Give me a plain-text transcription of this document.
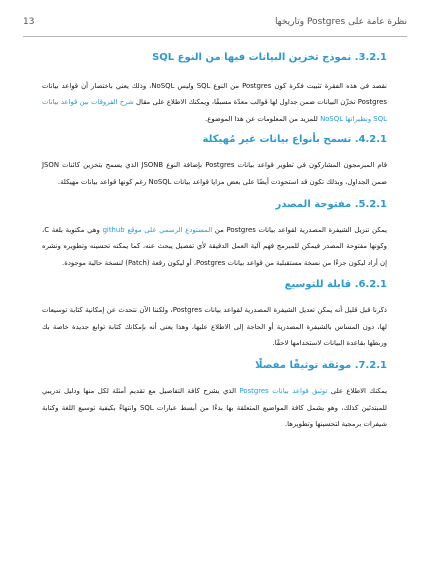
نظرة عامة على Postgres وتاريخها
13
3.2.1. نموذج تخزين البيانات فيها من النوع SQL

نقصد في هذه الفقرة تثبيت فكرة كون Postgres من النوع SQL وليس NoSQL، وذلك يعني باختصار أن قواعد بيانات Postgres تخزّن البيانات ضمن جداول لها قوالب معدّة مسبقًا، ويمكنك الاطلاع على مقال شرح الفروقات بين قواعد بيانات SQL ونظيراتها NoSQL للمزيد من المعلومات عن هذا الموضوع.

4.2.1. تسمح بأنواع بيانات غير مُهيكلة

قام المبرمجون المشاركون في تطوير قواعد بيانات Postgres بإضافة النوع JSONB الذي يسمح بتخزين كائنات JSON ضمن الجداول، وبذلك تكون قد استحوذت أيضًا على بعض مزايا قواعد بيانات NoSQL رغم كونها قواعد بيانات مهيكلة.

5.2.1. مفتوحة المصدر

يمكن تنزيل الشيفرة المصدرية لقواعد بيانات Postgres من المستودع الرسمي على موقع github وهي مكتوبة بلغة C، وكونها مفتوحة المصدر فيمكن للمبرمج فهم آلية العمل الدقيقة لأي تفصيل يبحث عنه، كما يمكنه تحسينه وتطويره ونشره إن أراد ليكون جزءًا من نسخة مستقبلية من قواعد بيانات Postgres، أو ليكون رقعة (Patch) لنسخة حالية موجودة.

6.2.1. قابلة للتوسيع

ذكرنا قبل قليل أنه يمكن تعديل الشيفرة المصدرية لقواعد بيانات Postgres، ولكننا الآن نتحدث عن إمكانية كتابة توسيعات لها، دون المساس بالشيفرة المصدرية أو الحاجة إلى الاطلاع عليها، وهذا يعني أنه بإمكانك كتابة توابع جديدة خاصة بك وربطها بقاعدة البيانات لاستخدامها لاحقًا.

7.2.1. موثقة توثيقًا مفصلًا

يمكنك الاطلاع على توثيق قواعد بيانات Postgres الذي يشرح كافة التفاصيل مع تقديم أمثلة لكل منها ودليل تدريبي للمبتدئين كذلك، وهو يشمل كافة المواضيع المتعلقة بها بدءًا من أبسط عبارات SQL وانتهاءً بكيفية توسيع اللغة وكتابة شيفرات برمجية لتحسينها وتطويرها.
